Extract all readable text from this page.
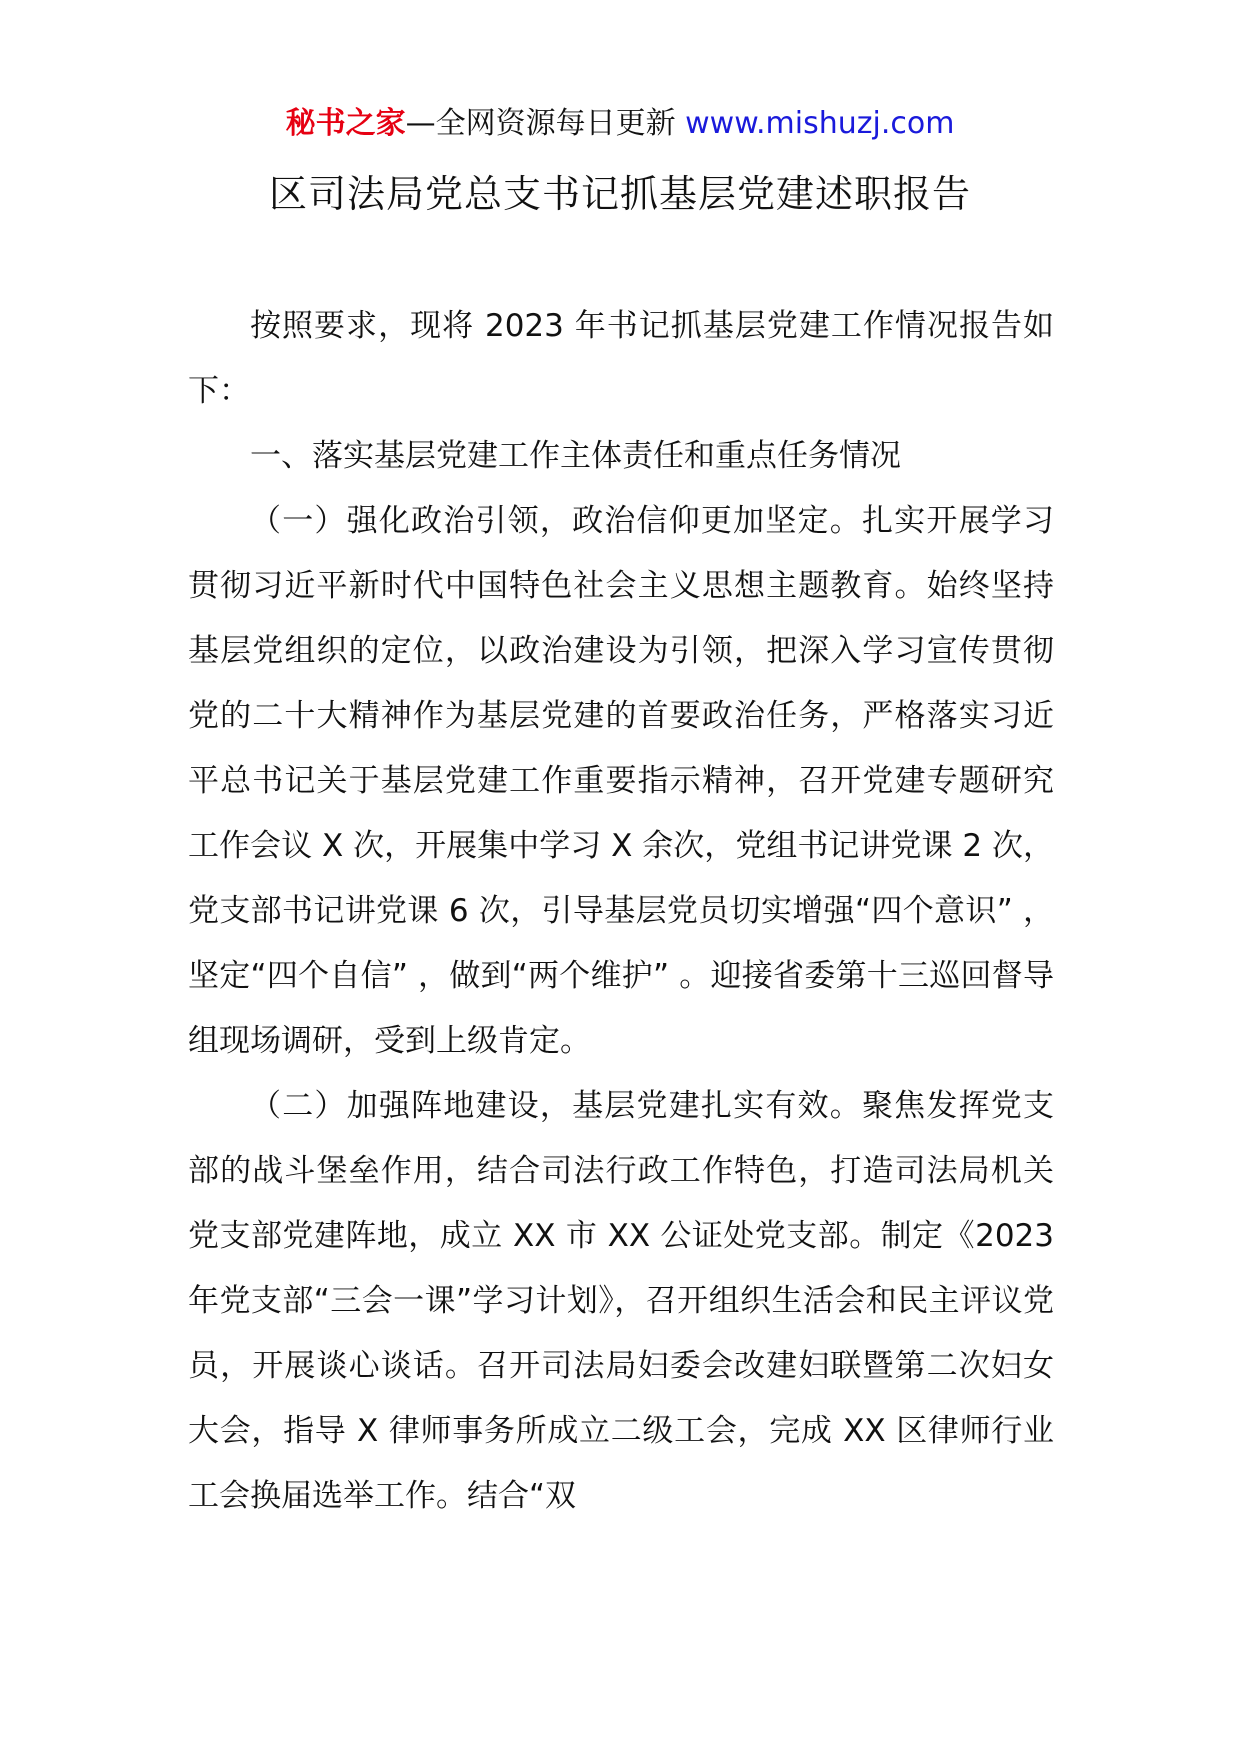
秘书之家—全网资源每日更新 www.mishuzj.com
区司法局党总支书记抓基层党建述职报告

按照要求，现将 2023 年书记抓基层党建工作情况报告如下：

一、落实基层党建工作主体责任和重点任务情况

（一）强化政治引领，政治信仰更加坚定。扎实开展学习贯彻习近平新时代中国特色社会主义思想主题教育。始终坚持基层党组织的定位，以政治建设为引领，把深入学习宣传贯彻党的二十大精神作为基层党建的首要政治任务，严格落实习近平总书记关于基层党建工作重要指示精神，召开党建专题研究工作会议 X 次，开展集中学习 X 余次，党组书记讲党课 2 次，党支部书记讲党课 6 次，引导基层党员切实增强“四个意识” ，坚定“四个自信” ，做到“两个维护” 。迎接省委第十三巡回督导组现场调研，受到上级肯定。

（二）加强阵地建设，基层党建扎实有效。聚焦发挥党支部的战斗堡垒作用，结合司法行政工作特色，打造司法局机关党支部党建阵地，成立 XX 市 XX 公证处党支部。制定《2023 年党支部“三会一课”学习计划》，召开组织生活会和民主评议党员，开展谈心谈话。召开司法局妇委会改建妇联暨第二次妇女大会，指导 X 律师事务所成立二级工会，完成 XX 区律师行业工会换届选举工作。结合“双
